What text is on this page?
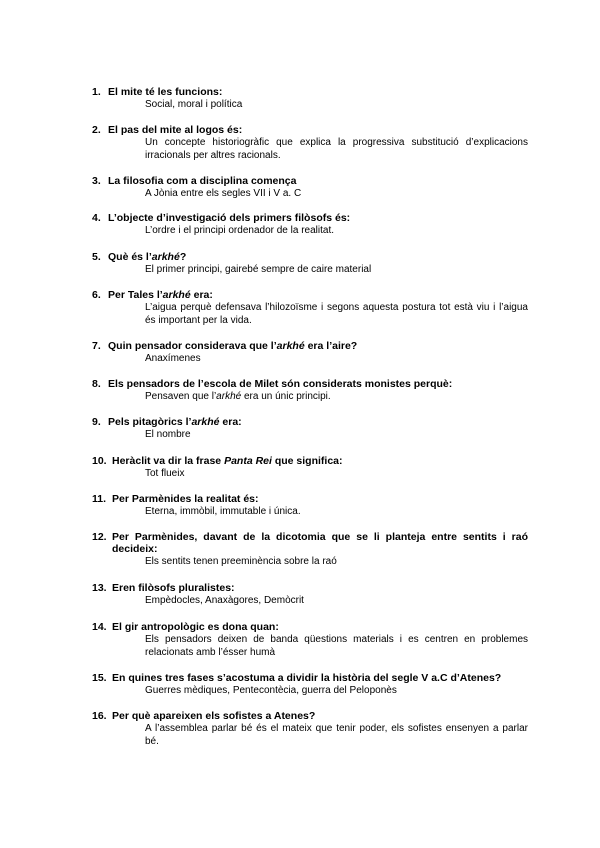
1. El mite té les funcions:
Social, moral i política
2. El pas del mite al logos és:
Un concepte historiogràfic que explica la progressiva substitució d’explicacions irracionals per altres racionals.
3. La filosofia com a disciplina comença
A Jònia entre els segles VII i V a. C
4. L’objecte d’investigació dels primers filòsofs és:
L’ordre i el principi ordenador de la realitat.
5. Què és l’arkhé?
El primer principi, gairebé sempre de caire material
6. Per Tales l’arkhé era:
L’aigua perquè defensava l’hilozoïsme i segons aquesta postura tot està viu i l’aigua és important per la vida.
7. Quin pensador considerava que l’arkhé era l’aire?
Anaxímenes
8. Els pensadors de l’escola de Milet són considerats monistes perquè:
Pensaven que l’arkhé era un únic principi.
9. Pels pitagòrics l’arkhé era:
El nombre
10. Heràclit va dir la frase Panta Rei que significa:
Tot flueix
11. Per Parmènides la realitat és:
Eterna, immòbil, immutable i única.
12. Per Parmènides, davant de la dicotomia que se li planteja entre sentits i raó decideix:
Els sentits tenen preeminència sobre la raó
13. Eren filòsofs pluralistes:
Empèdocles, Anaxàgores, Demòcrit
14. El gir antropològic es dona quan:
Els pensadors deixen de banda qüestions materials i es centren en problemes relacionats amb l’ésser humà
15. En quines tres fases s’acostuma a dividir la història del segle V a.C d’Atenes?
Guerres mèdiques, Pentecontècia, guerra del Peloponès
16. Per què apareixen els sofistes a Atenes?
A l’assemblea parlar bé és el mateix que tenir poder, els sofistes ensenyen a parlar bé.
